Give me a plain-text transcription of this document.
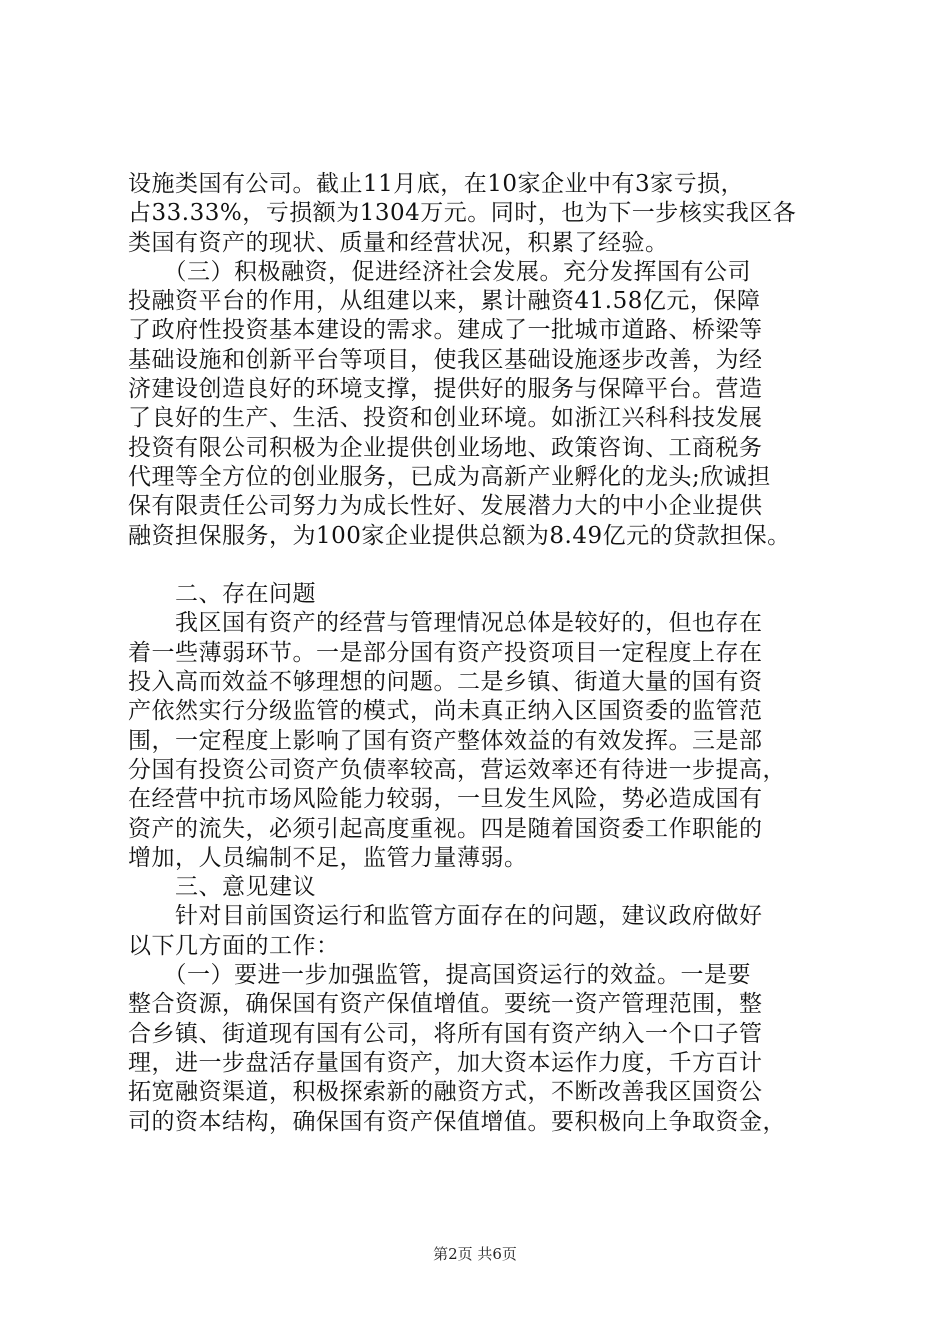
设施类国有公司。截止11月底，在10家企业中有3家亏损，
占33.33%，亏损额为1304万元。同时，也为下一步核实我区各
类国有资产的现状、质量和经营状况，积累了经验。
　　（三）积极融资，促进经济社会发展。充分发挥国有公司
投融资平台的作用，从组建以来，累计融资41.58亿元，保障
了政府性投资基本建设的需求。建成了一批城市道路、桥梁等
基础设施和创新平台等项目，使我区基础设施逐步改善，为经
济建设创造良好的环境支撑，提供好的服务与保障平台。营造
了良好的生产、生活、投资和创业环境。如浙江兴科科技发展
投资有限公司积极为企业提供创业场地、政策咨询、工商税务
代理等全方位的创业服务，已成为高新产业孵化的龙头;欣诚担
保有限责任公司努力为成长性好、发展潜力大的中小企业提供
融资担保服务，为100家企业提供总额为8.49亿元的贷款担保。
　　二、存在问题
　　我区国有资产的经营与管理情况总体是较好的，但也存在
着一些薄弱环节。一是部分国有资产投资项目一定程度上存在
投入高而效益不够理想的问题。二是乡镇、街道大量的国有资
产依然实行分级监管的模式，尚未真正纳入区国资委的监管范
围，一定程度上影响了国有资产整体效益的有效发挥。三是部
分国有投资公司资产负债率较高，营运效率还有待进一步提高，
在经营中抗市场风险能力较弱，一旦发生风险，势必造成国有
资产的流失，必须引起高度重视。四是随着国资委工作职能的
增加，人员编制不足，监管力量薄弱。
　　三、意见建议
　　针对目前国资运行和监管方面存在的问题，建议政府做好
以下几方面的工作：
　　（一）要进一步加强监管，提高国资运行的效益。一是要
整合资源，确保国有资产保值增值。要统一资产管理范围，整
合乡镇、街道现有国有公司，将所有国有资产纳入一个口子管
理，进一步盘活存量国有资产，加大资本运作力度，千方百计
拓宽融资渠道，积极探索新的融资方式，不断改善我区国资公
司的资本结构，确保国有资产保值增值。要积极向上争取资金，
第2页 共6页
